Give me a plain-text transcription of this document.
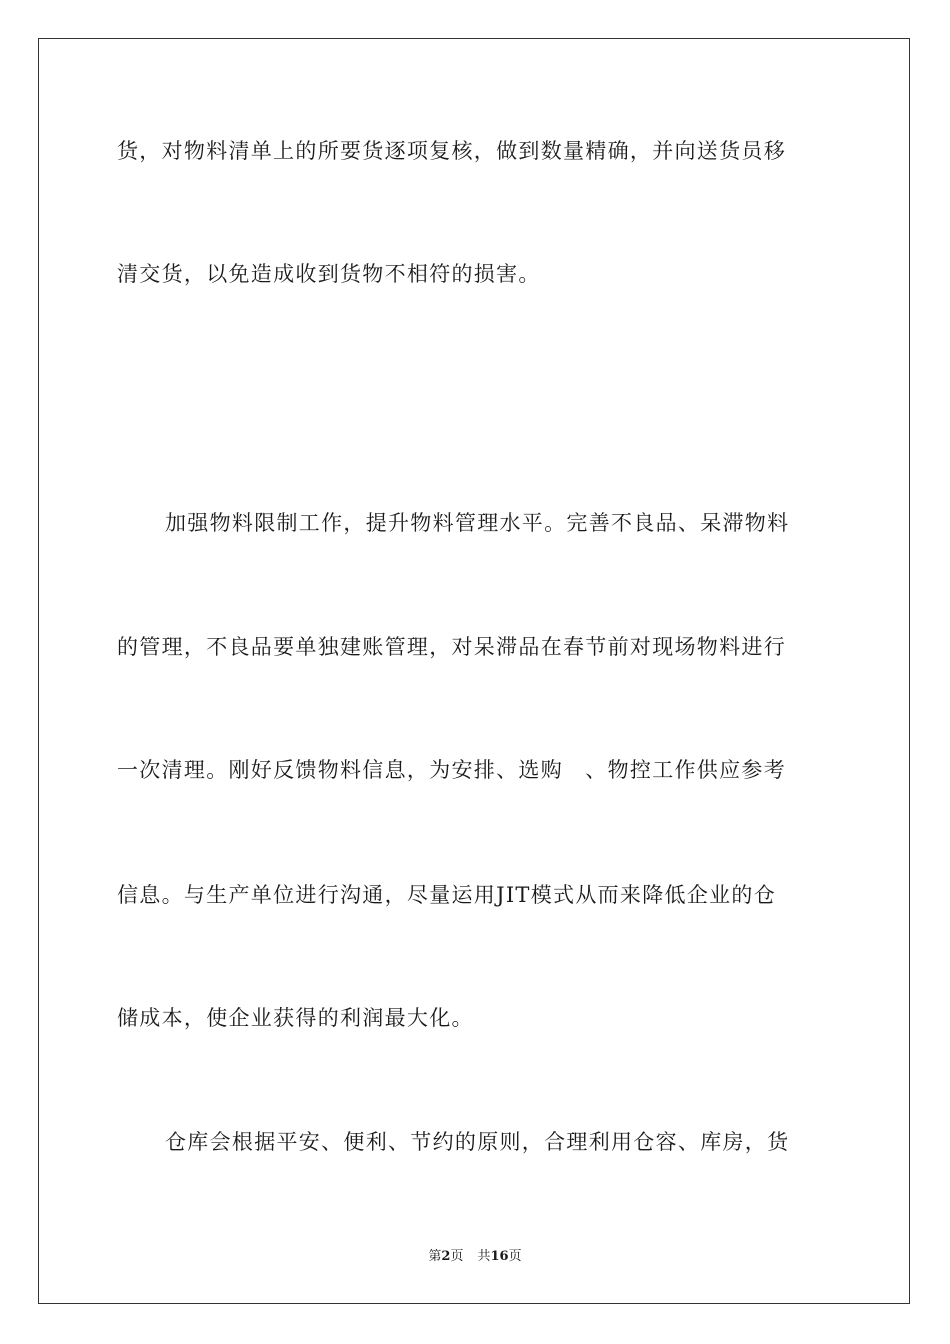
货，对物料清单上的所要货逐项复核，做到数量精确，并向送货员移
清交货，以免造成收到货物不相符的损害。
加强物料限制工作，提升物料管理水平。完善不良品、呆滞物料
的管理，不良品要单独建账管理，对呆滞品在春节前对现场物料进行
一次清理。刚好反馈物料信息，为安排、选购　、物控工作供应参考
信息。与生产单位进行沟通，尽量运用JIT模式从而来降低企业的仓
储成本，使企业获得的利润最大化。
仓库会根据平安、便利、节约的原则，合理利用仓容、库房，货
第2页 共16页
